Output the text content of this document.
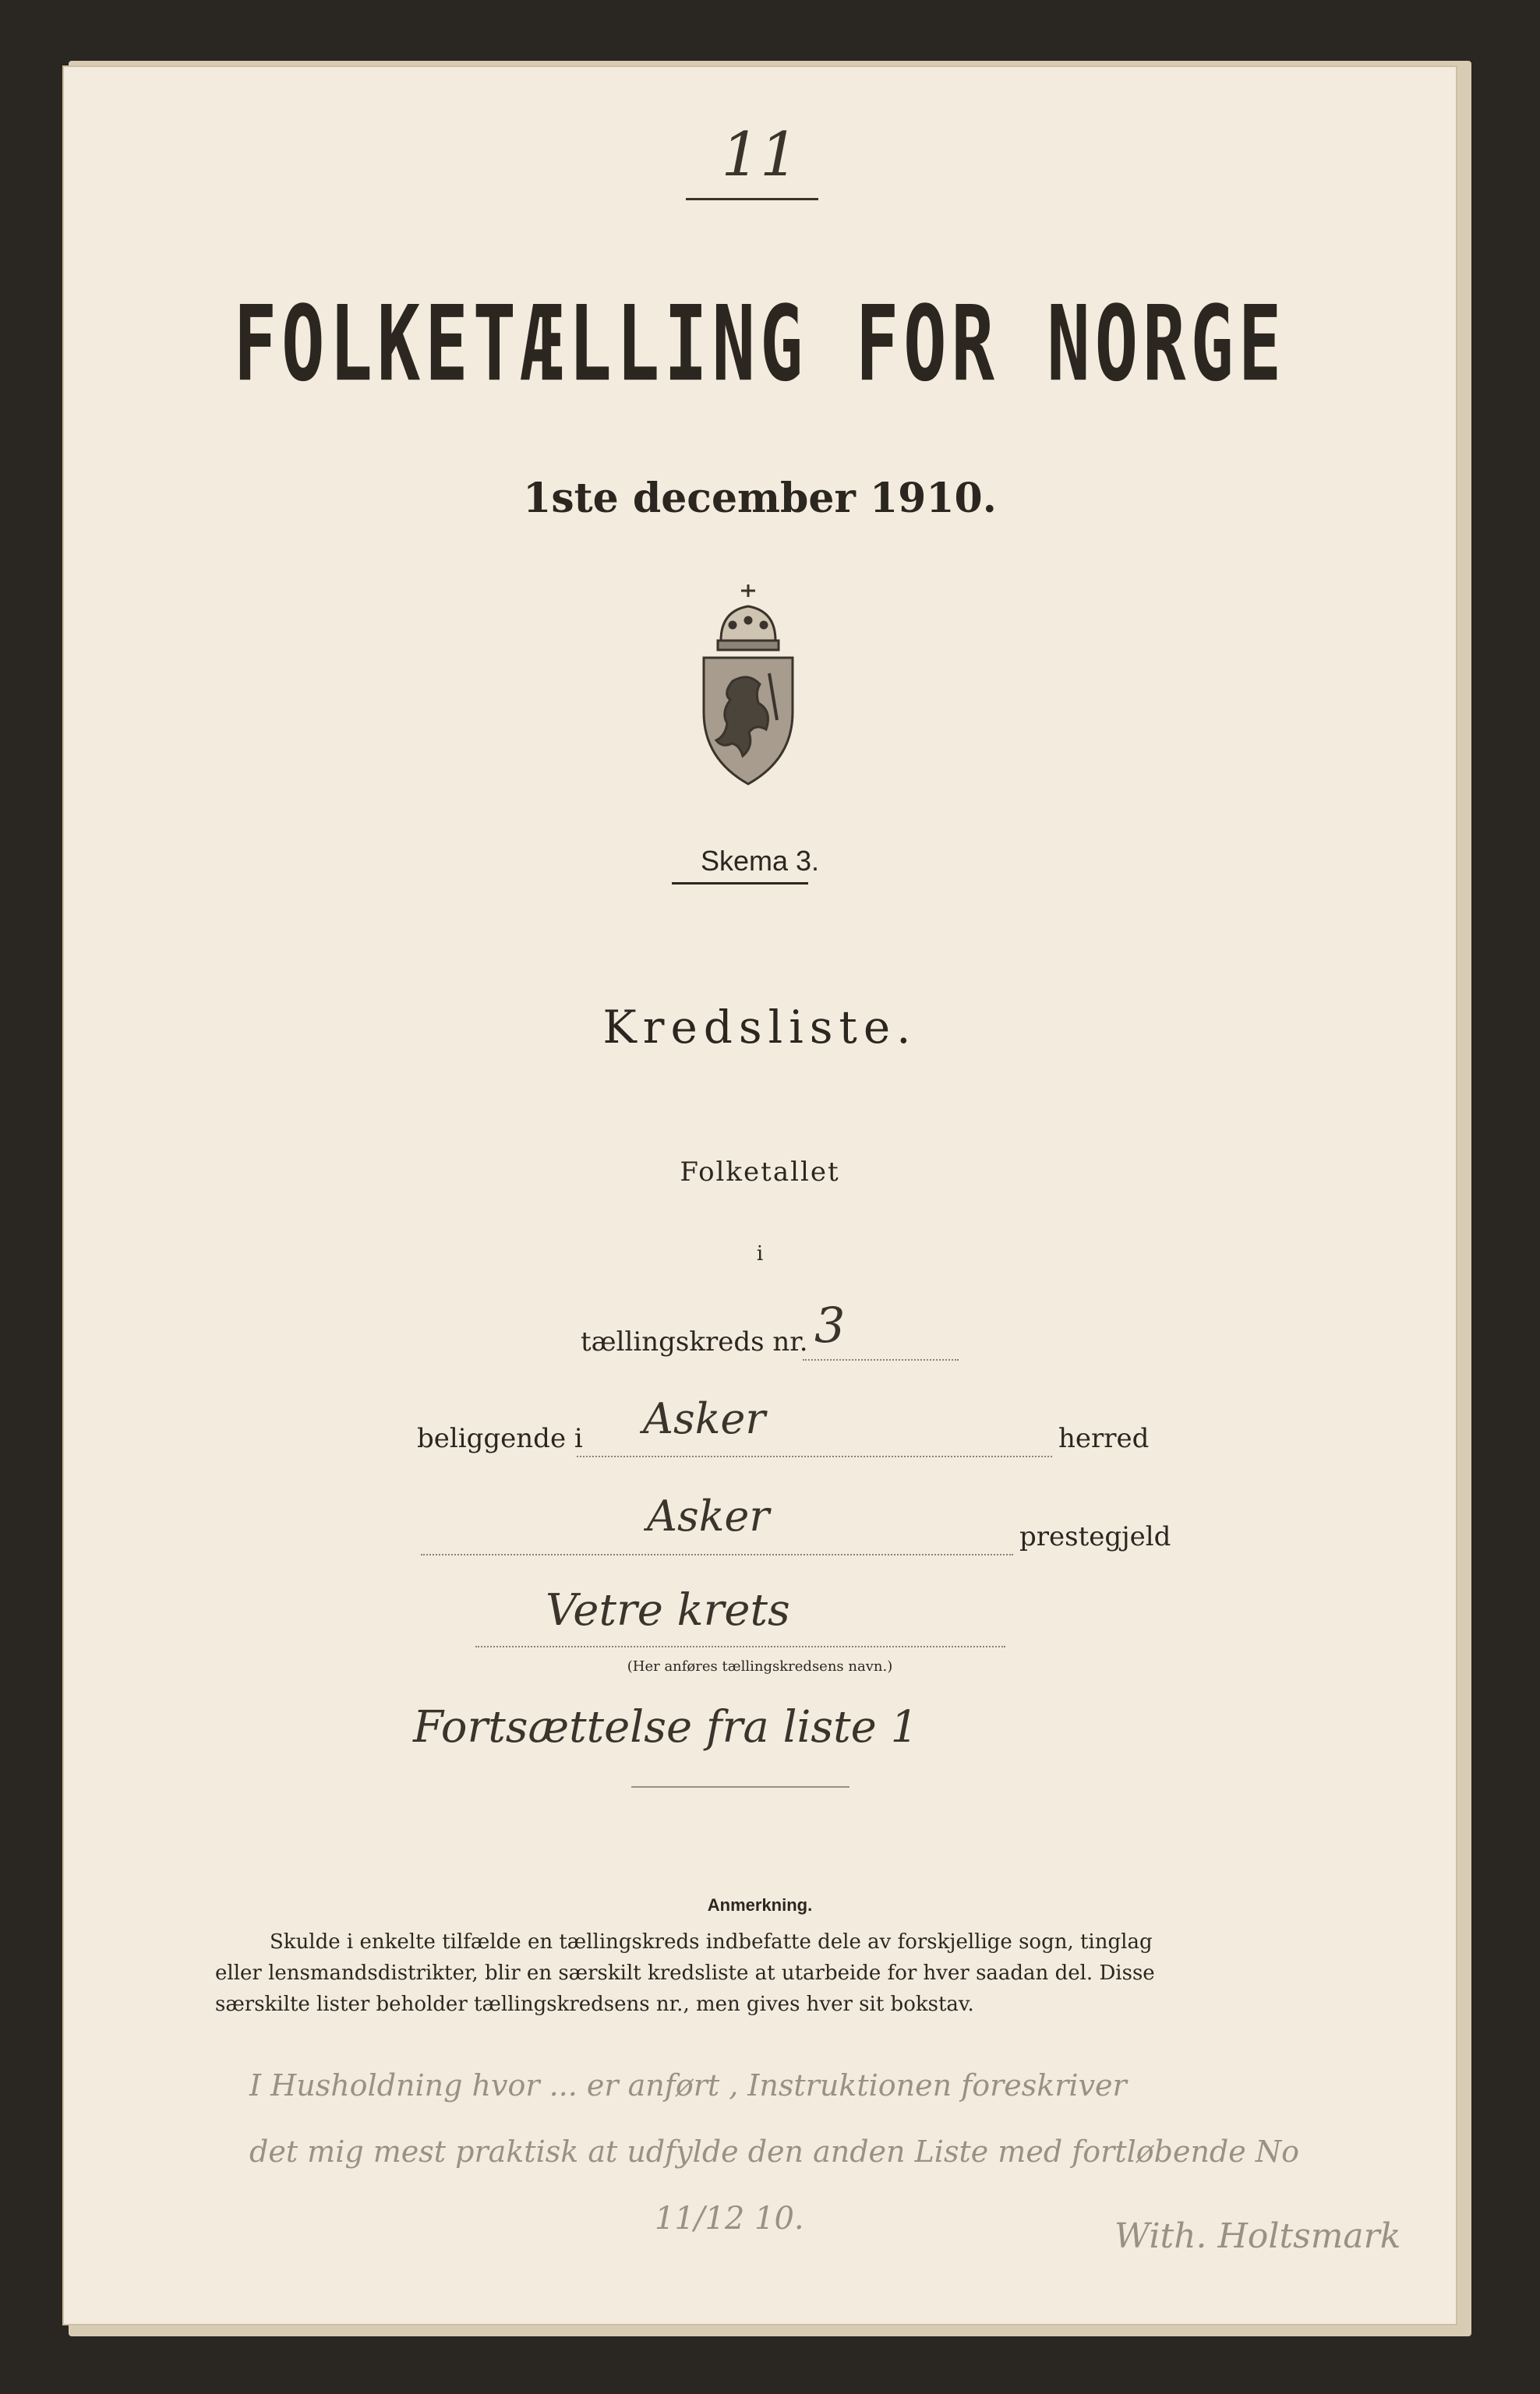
11
FOLKETÆLLING FOR NORGE
1ste december 1910.
Skema 3.
Kredsliste.
Folketallet
i
tællingskreds nr. 3
beliggende i Asker	herred
Asker	prestegjeld
Vetre krets
(Her anføres tællingskredsens navn.)
Fortsættelse fra liste 1
Anmerkning.
Skulde i enkelte tilfælde en tællingskreds indbefatte dele av forskjellige sogn, tinglag
eller lensmandsdistrikter, blir en særskilt kredsliste at utarbeide for hver saadan del. Disse
særskilte lister beholder tællingskredsens nr., men gives hver sit bokstav.
I Husholdning hvor ... er anført , Instruktionen foreskriver
det mig mest praktisk at udfylde den anden Liste med fortløbende No
11/12 10.	With. Holtsmark
